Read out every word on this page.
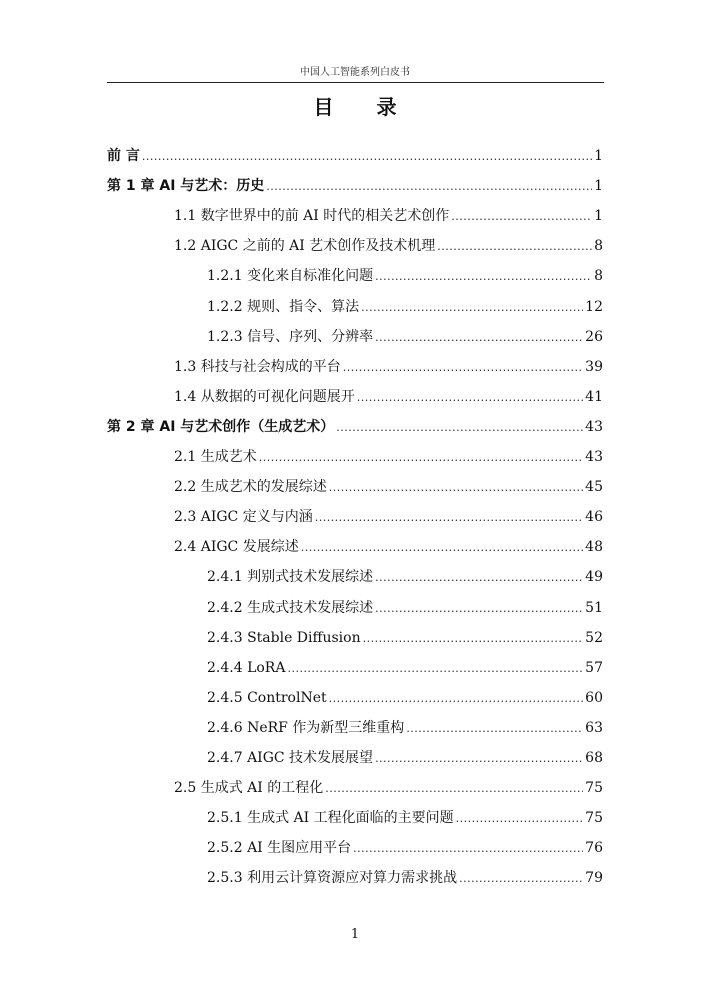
中国人工智能系列白皮书
目 录
前 言 .....	1
第 1 章 AI 与艺术：历史 .....	1
1.1 数字世界中的前 AI 时代的相关艺术创作 .....	1
1.2 AIGC 之前的 AI 艺术创作及技术机理 .....	8
1.2.1 变化来自标准化问题 .....	8
1.2.2 规则、指令、算法 .....	12
1.2.3 信号、序列、分辨率 .....	26
1.3 科技与社会构成的平台 .....	39
1.4 从数据的可视化问题展开 .....	41
第 2 章 AI 与艺术创作（生成艺术） .....	43
2.1 生成艺术 .....	43
2.2 生成艺术的发展综述 .....	45
2.3 AIGC 定义与内涵 .....	46
2.4 AIGC 发展综述 .....	48
2.4.1 判别式技术发展综述 .....	49
2.4.2 生成式技术发展综述 .....	51
2.4.3 Stable Diffusion .....	52
2.4.4 LoRA .....	57
2.4.5 ControlNet .....	60
2.4.6 NeRF 作为新型三维重构 .....	63
2.4.7 AIGC 技术发展展望 .....	68
2.5 生成式 AI 的工程化 .....	75
2.5.1 生成式 AI 工程化面临的主要问题 .....	75
2.5.2 AI 生图应用平台 .....	76
2.5.3 利用云计算资源应对算力需求挑战 .....	79
1
